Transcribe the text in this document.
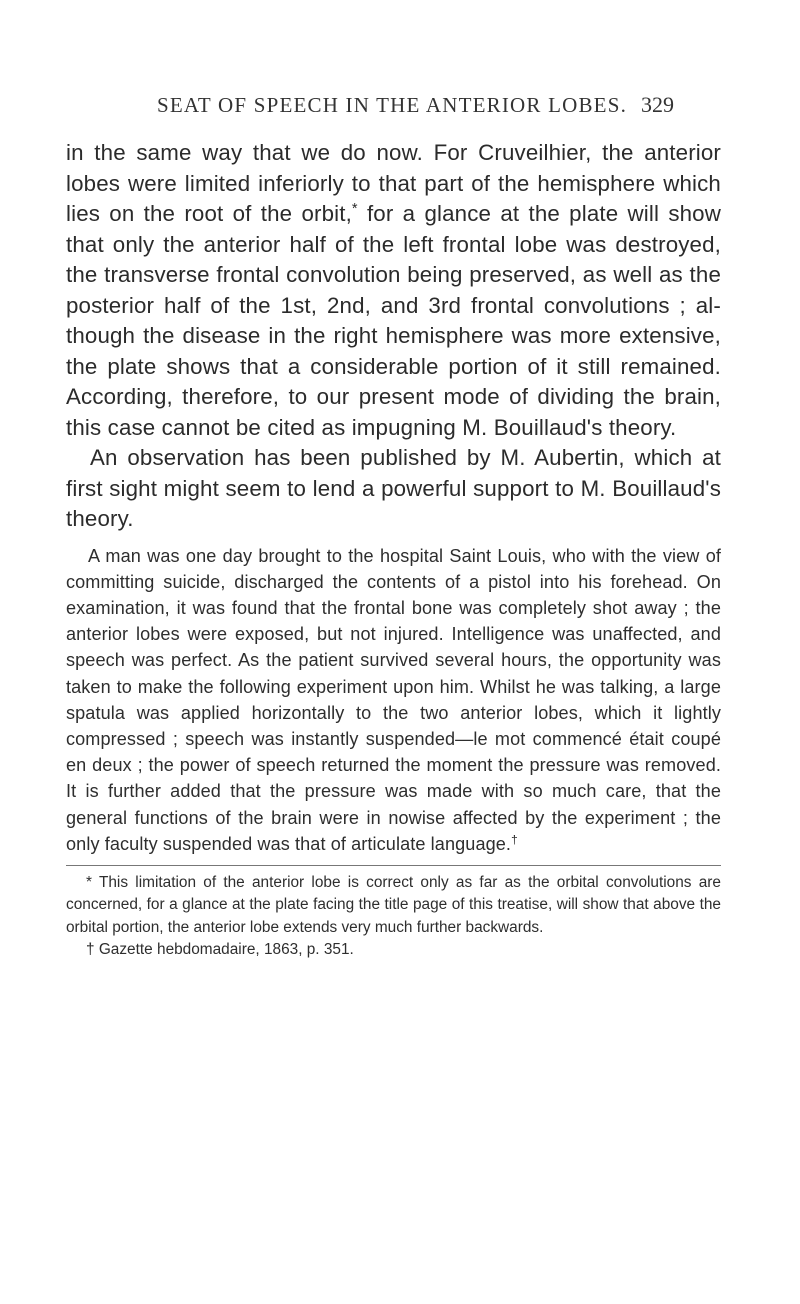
SEAT OF SPEECH IN THE ANTERIOR LOBES. 329

in the same way that we do now. For Cruveilhier, the anterior lobes were limited inferiorly to that part of the hemisphere which lies on the root of the orbit,* for a glance at the plate will show that only the anterior half of the left frontal lobe was destroyed, the transverse frontal convolution being preserved, as well as the posterior half of the 1st, 2nd, and 3rd frontal convolutions ; al- though the disease in the right hemisphere was more extensive, the plate shows that a considerable portion of it still remained. According, therefore, to our present mode of dividing the brain, this case cannot be cited as impugning M. Bouillaud's theory.

An observation has been published by M. Aubertin, which at first sight might seem to lend a powerful support to M. Bouillaud's theory.

A man was one day brought to the hospital Saint Louis, who with the view of committing suicide, discharged the contents of a pistol into his forehead. On examination, it was found that the frontal bone was completely shot away ; the anterior lobes were exposed, but not injured. Intelligence was unaffected, and speech was perfect. As the patient survived several hours, the opportunity was taken to make the following experiment upon him. Whilst he was talking, a large spatula was applied horizontally to the two anterior lobes, which it lightly compressed ; speech was instantly suspended—le mot commencé était coupé en deux ; the power of speech returned the moment the pressure was removed. It is further added that the pressure was made with so much care, that the general functions of the brain were in nowise affected by the experiment ; the only faculty suspended was that of articulate language.†

* This limitation of the anterior lobe is correct only as far as the orbital convolutions are concerned, for a glance at the plate facing the title page of this treatise, will show that above the orbital portion, the anterior lobe extends very much further backwards.

† Gazette hebdomadaire, 1863, p. 351.
